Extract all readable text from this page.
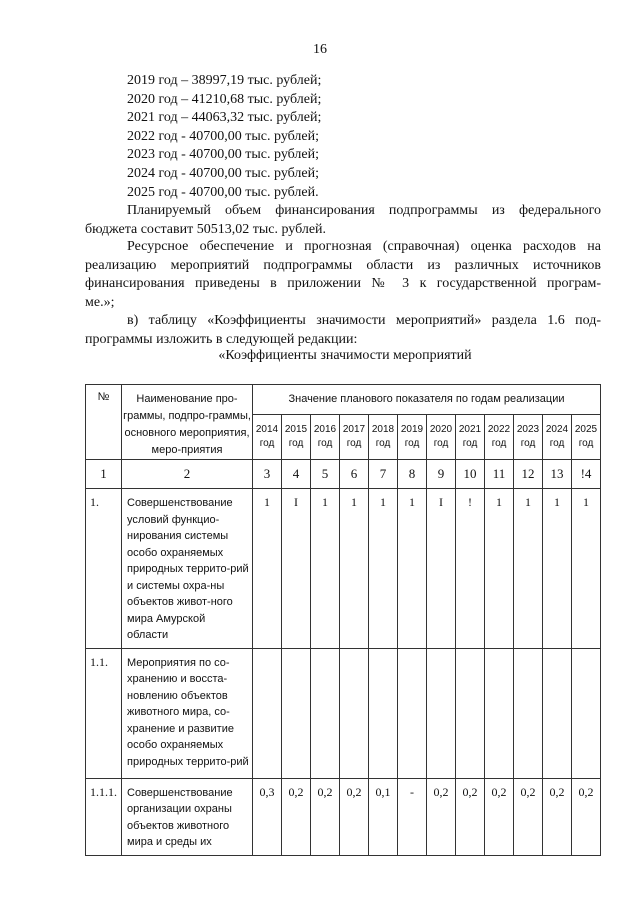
16
2019 год – 38997,19 тыс. рублей;
2020 год – 41210,68 тыс. рублей;
2021 год – 44063,32 тыс. рублей;
2022 год - 40700,00 тыс. рублей;
2023 год - 40700,00 тыс. рублей;
2024 год - 40700,00 тыс. рублей;
2025 год - 40700,00 тыс. рублей.
Планируемый объем финансирования подпрограммы из федерального
бюджета составит 50513,02 тыс. рублей.
Ресурсное обеспечение и прогнозная (справочная) оценка расходов на
реализацию мероприятий подпрограммы области из различных источников
финансирования приведены в приложении № 3 к государственной програм-
ме.»;
в) таблицу «Коэффициенты значимости мероприятий» раздела 1.6 под-
программы изложить в следующей редакции:
«Коэффициенты значимости мероприятий
№	Наименование про-граммы, подпро-граммы, основного мероприятия, меро-приятия	Значение планового показателя по годам реализации											
		2014 год	2015 год	2016 год	2017 год	2018 год	2019 год	2020 год	2021 год	2022 год	2023 год	2024 год	2025 год
1	2	3	4	5	6	7	8	9	10	11	12	13	!4
1.	Совершенствование условий функцио-нирования системы особо охраняемых природных террито-рий и системы охра-ны объектов живот-ного мира Амурской области	1	I	1	1	1	1	I	!	1	1	1	1
1.1.	Мероприятия по со-хранению и восста-новлению объектов животного мира, со-хранение и развитие особо охраняемых природных террито-рий												
1.1.1.	Совершенствование организации охраны объектов животного мира и среды их	0,3	0,2	0,2	0,2	0,1	-	0,2	0,2	0,2	0,2	0,2	0,2
